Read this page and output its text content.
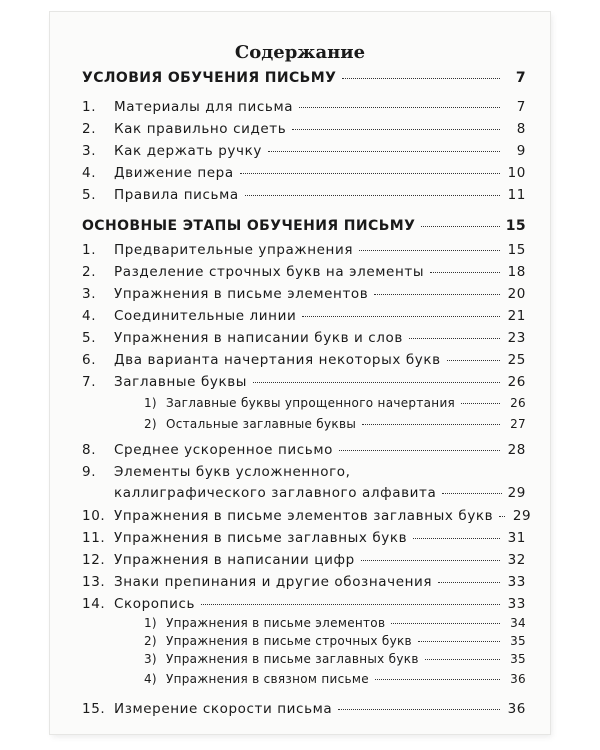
Содержание
УСЛОВИЯ ОБУЧЕНИЯ ПИСЬМУ	7
1.	Материалы для письма	7
2.	Как правильно сидеть	8
3.	Как держать ручку	9
4.	Движение пера	10
5.	Правила письма	11
ОСНОВНЫЕ ЭТАПЫ ОБУЧЕНИЯ ПИСЬМУ	15
1.	Предварительные упражнения	15
2.	Разделение строчных букв на элементы	18
3.	Упражнения в письме элементов	20
4.	Соединительные линии	21
5.	Упражнения в написании букв и слов	23
6.	Два варианта начертания некоторых букв	25
7.	Заглавные буквы	26
1) Заглавные буквы упрощенного начертания	26
2) Остальные заглавные буквы	27
8.	Среднее ускоренное письмо	28
9. Элементы букв усложненного,
каллиграфического заглавного алфавита	29
10. Упражнения в письме элементов заглавных букв 29
11. Упражнения в письме заглавных букв	31
12. Упражнения в написании цифр	32
13. Знаки препинания и другие обозначения	33
14. Скоропись	33
1) Упражнения в письме элементов	34
2) Упражнения в письме строчных букв	35
3) Упражнения в письме заглавных букв	35
4) Упражнения в связном письме	36
15. Измерение скорости письма	36
